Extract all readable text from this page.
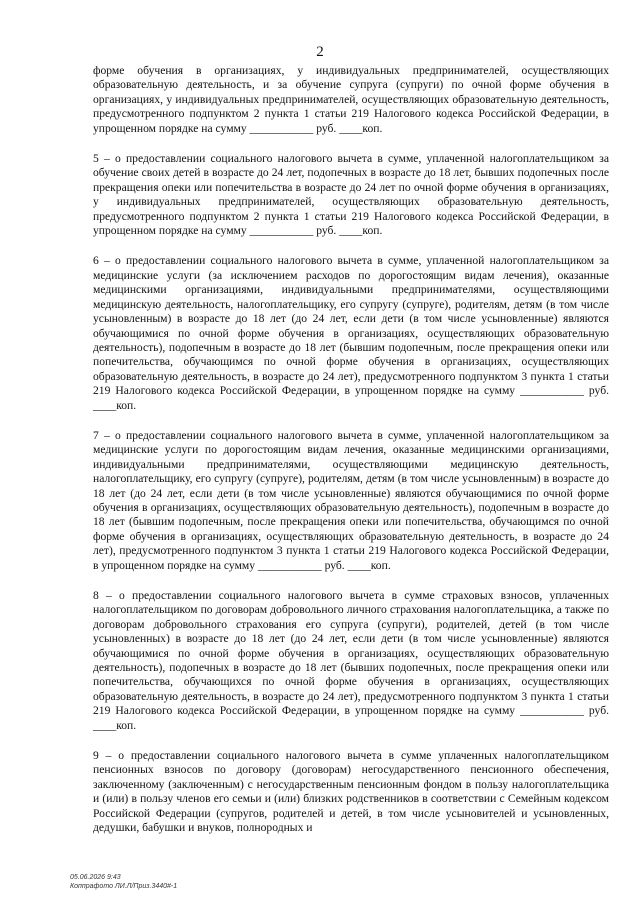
2

форме обучения в организациях, у индивидуальных предпринимателей, осуществляющих образовательную деятельность, и за обучение супруга (супруги) по очной форме обучения в организациях, у индивидуальных предпринимателей, осуществляющих образовательную деятельность, предусмотренного подпунктом 2 пункта 1 статьи 219 Налогового кодекса Российской Федерации, в упрощенном порядке на сумму ___________ руб. ____коп.

5 – о предоставлении социального налогового вычета в сумме, уплаченной налогоплательщиком за обучение своих детей в возрасте до 24 лет, подопечных в возрасте до 18 лет, бывших подопечных после прекращения опеки или попечительства в возрасте до 24 лет по очной форме обучения в организациях, у индивидуальных предпринимателей, осуществляющих образовательную деятельность, предусмотренного подпунктом 2 пункта 1 статьи 219 Налогового кодекса Российской Федерации, в упрощенном порядке на сумму ___________ руб. ____коп.

6 – о предоставлении социального налогового вычета в сумме, уплаченной налогоплательщиком за медицинские услуги (за исключением расходов по дорогостоящим видам лечения), оказанные медицинскими организациями, индивидуальными предпринимателями, осуществляющими медицинскую деятельность, налогоплательщику, его супругу (супруге), родителям, детям (в том числе усыновленным) в возрасте до 18 лет (до 24 лет, если дети (в том числе усыновленные) являются обучающимися по очной форме обучения в организациях, осуществляющих образовательную деятельность), подопечным в возрасте до 18 лет (бывшим подопечным, после прекращения опеки или попечительства, обучающимся по очной форме обучения в организациях, осуществляющих образовательную деятельность, в возрасте до 24 лет), предусмотренного подпунктом 3 пункта 1 статьи 219 Налогового кодекса Российской Федерации, в упрощенном порядке на сумму ___________ руб. ____коп.

7 – о предоставлении социального налогового вычета в сумме, уплаченной налогоплательщиком за медицинские услуги по дорогостоящим видам лечения, оказанные медицинскими организациями, индивидуальными предпринимателями, осуществляющими медицинскую деятельность, налогоплательщику, его супругу (супруге), родителям, детям (в том числе усыновленным) в возрасте до 18 лет (до 24 лет, если дети (в том числе усыновленные) являются обучающимися по очной форме обучения в организациях, осуществляющих образовательную деятельность), подопечным в возрасте до 18 лет (бывшим подопечным, после прекращения опеки или попечительства, обучающимся по очной форме обучения в организациях, осуществляющих образовательную деятельность, в возрасте до 24 лет), предусмотренного подпунктом 3 пункта 1 статьи 219 Налогового кодекса Российской Федерации, в упрощенном порядке на сумму ___________ руб. ____коп.

8 – о предоставлении социального налогового вычета в сумме страховых взносов, уплаченных налогоплательщиком по договорам добровольного личного страхования налогоплательщика, а также по договорам добровольного страхования его супруга (супруги), родителей, детей (в том числе усыновленных) в возрасте до 18 лет (до 24 лет, если дети (в том числе усыновленные) являются обучающимися по очной форме обучения в организациях, осуществляющих образовательную деятельность), подопечных в возрасте до 18 лет (бывших подопечных, после прекращения опеки или попечительства, обучающихся по очной форме обучения в организациях, осуществляющих образовательную деятельность, в возрасте до 24 лет), предусмотренного подпунктом 3 пункта 1 статьи 219 Налогового кодекса Российской Федерации, в упрощенном порядке на сумму ___________ руб. ____коп.

9 – о предоставлении социального налогового вычета в сумме уплаченных налогоплательщиком пенсионных взносов по договору (договорам) негосударственного пенсионного обеспечения, заключенному (заключенным) с негосударственным пенсионным фондом в пользу налогоплательщика и (или) в пользу членов его семьи и (или) близких родственников в соответствии с Семейным кодексом Российской Федерации (супругов, родителей и детей, в том числе усыновителей и усыновленных, дедушки, бабушки и внуков, полнородных и

05.06.2026 9:43
Коппрафото ЛИ.Л/Приз.3440#-1
